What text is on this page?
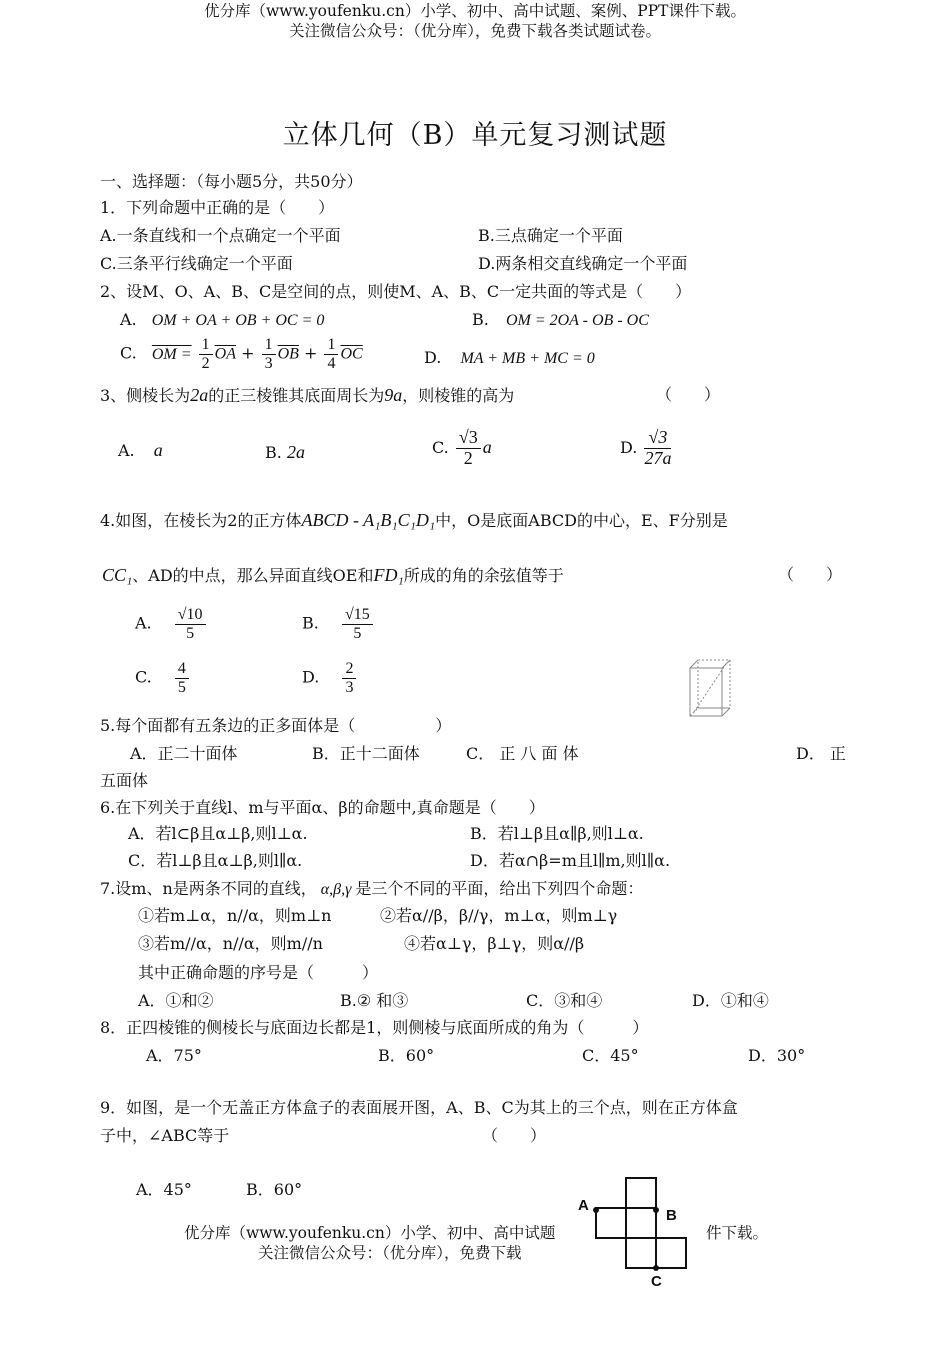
优分库（www.youfenku.cn）小学、初中、高中试题、案例、PPT课件下载。
关注微信公众号：（优分库），免费下载各类试题试卷。
立体几何（B）单元复习测试题
一、选择题：（每小题5分，共50分）
1．下列命题中正确的是（　　）
A.一条直线和一个点确定一个平面	B.三点确定一个平面
C.三条平行线确定一个平面	D.两条相交直线确定一个平面
2、设M、O、A、B、C是空间的点，则使M、A、B、C一定共面的等式是（　　）
A. OM + OA + OB + OC = 0	B. OM = 2OA - OB - OC
C. OM = $\frac{1}{2} \overline{OA} + \frac{1}{3} \overline{OB} + \frac{1}{4} \overline{OC}$	D. MA + MB + MC = 0
3、侧棱长为2a的正三棱锥其底面周长为9a，则棱锥的高为	（　　）
A. a	B. 2a	C. $\frac{√3}{2}$ a	D. $\frac{√3}{27a}$
4.如图，在棱长为2的正方体ABCD - A₁B₁C₁D₁中，O是底面ABCD的中心，E、F分别是
CC₁、AD的中点，那么异面直线OE和FD₁所成的角的余弦值等于	（　　）
A. $\frac{√10}{5}$	B. $\frac{√15}{5}$
C. $\frac{4}{5}$	D. $\frac{2}{3}$
5.每个面都有五条边的正多面体是（　　　　　）
A．正二十面体	B．正十二面体	C． 正 八 面 体	D． 正
五面体
6.在下列关于直线l、m与平面α、β的命题中,真命题是（　　）
A．若l⊂β且α⊥β,则l⊥α.	B．若l⊥β且α∥β,则l⊥α.
C．若l⊥β且α⊥β,则l∥α.	D．若α∩β=m且l∥m,则l∥α.
7.设m、n是两条不同的直线， α,β,γ 是三个不同的平面，给出下列四个命题：
①若m⊥α，n//α，则m⊥n	②若α//β，β//γ，m⊥α，则m⊥γ
③若m//α，n//α，则m//n	④若α⊥γ，β⊥γ，则α//β
其中正确命题的序号是（　　　）
A．①和②	B.② 和③	C．③和④	D．①和④
8．正四棱锥的侧棱长与底面边长都是1，则侧棱与底面所成的角为（　　　）
A．75°	B．60°	C．45°	D．30°
9．如图，是一个无盖正方体盒子的表面展开图，A、B、C为其上的三个点，则在正方体盒
子中，∠ABC等于	（　　）
A．45°	B．60°
A
B
C
优分库（www.youfenku.cn）小学、初中、高中试题	件下载。
关注微信公众号：（优分库），免费下载
